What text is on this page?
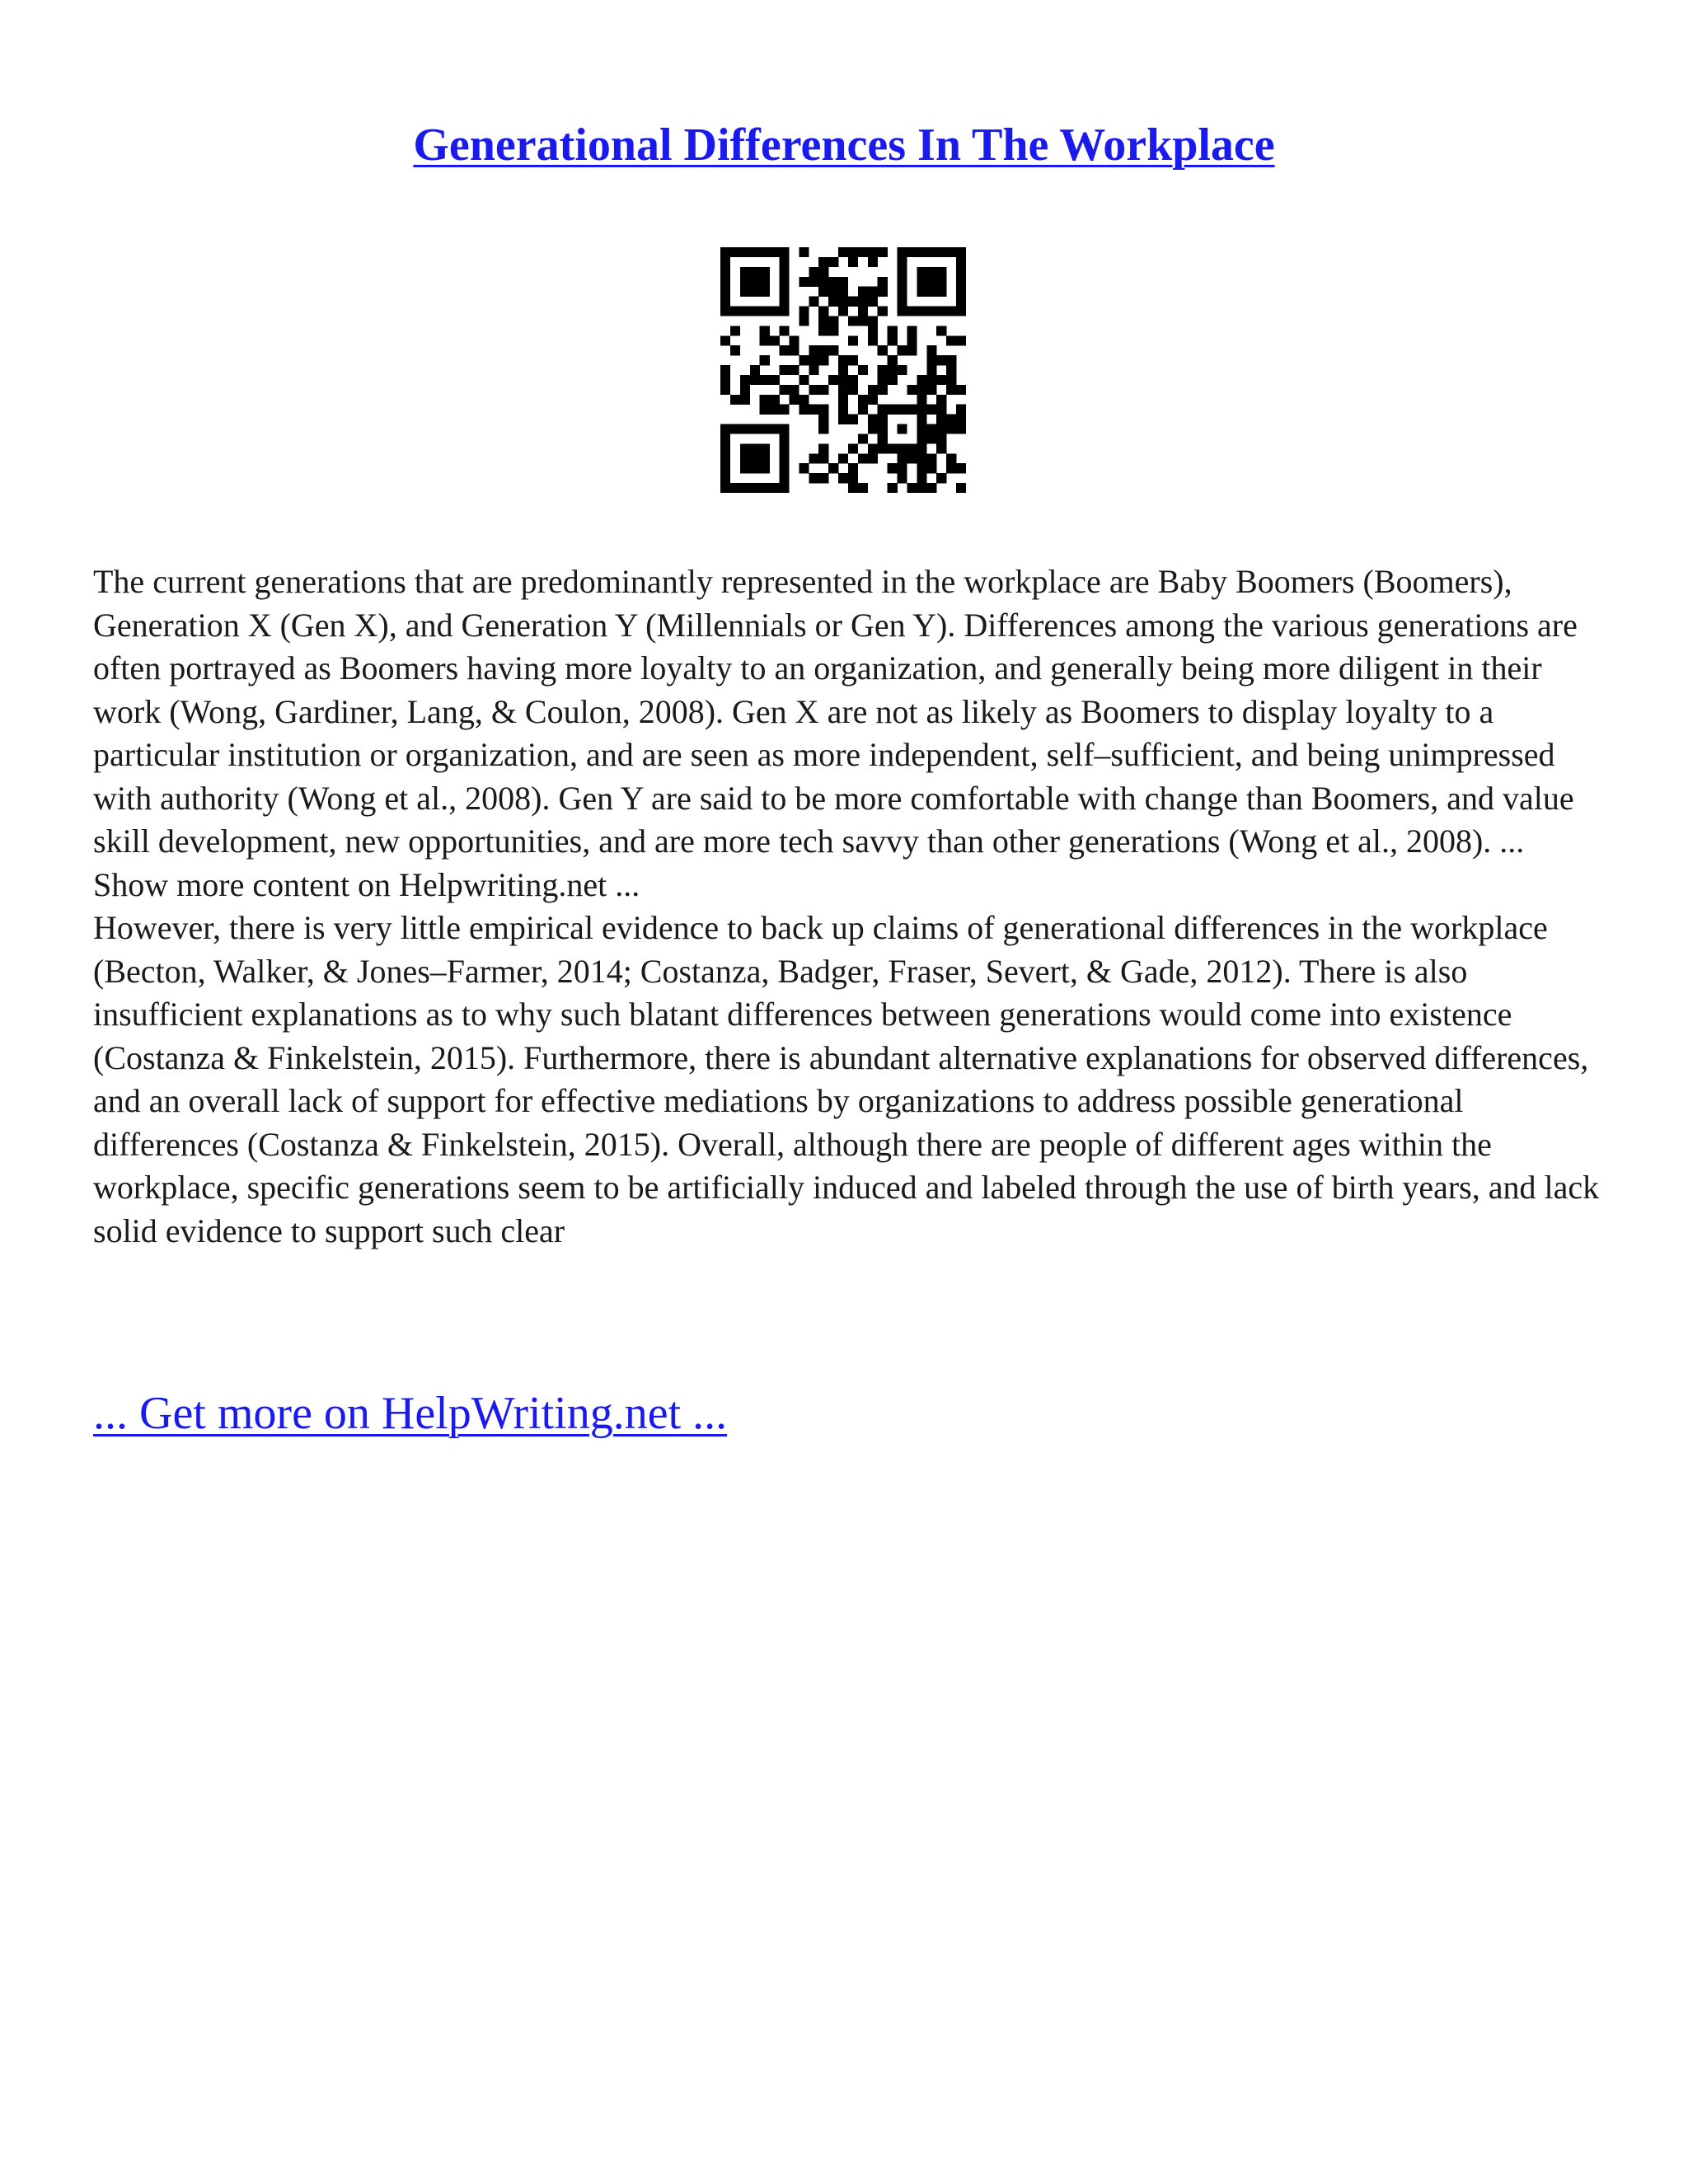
Generational Differences In The Workplace

The current generations that are predominantly represented in the workplace are Baby Boomers (Boomers), Generation X (Gen X), and Generation Y (Millennials or Gen Y). Differences among the various generations are often portrayed as Boomers having more loyalty to an organization, and generally being more diligent in their work (Wong, Gardiner, Lang, & Coulon, 2008). Gen X are not as likely as Boomers to display loyalty to a particular institution or organization, and are seen as more independent, self–sufficient, and being unimpressed with authority (Wong et al., 2008). Gen Y are said to be more comfortable with change than Boomers, and value skill development, new opportunities, and are more tech savvy than other generations (Wong et al., 2008). ... Show more content on Helpwriting.net ...

However, there is very little empirical evidence to back up claims of generational differences in the workplace (Becton, Walker, & Jones–Farmer, 2014; Costanza, Badger, Fraser, Severt, & Gade, 2012). There is also insufficient explanations as to why such blatant differences between generations would come into existence (Costanza & Finkelstein, 2015). Furthermore, there is abundant alternative explanations for observed differences, and an overall lack of support for effective mediations by organizations to address possible generational differences (Costanza & Finkelstein, 2015). Overall, although there are people of different ages within the workplace, specific generations seem to be artificially induced and labeled through the use of birth years, and lack solid evidence to support such clear

... Get more on HelpWriting.net ...
